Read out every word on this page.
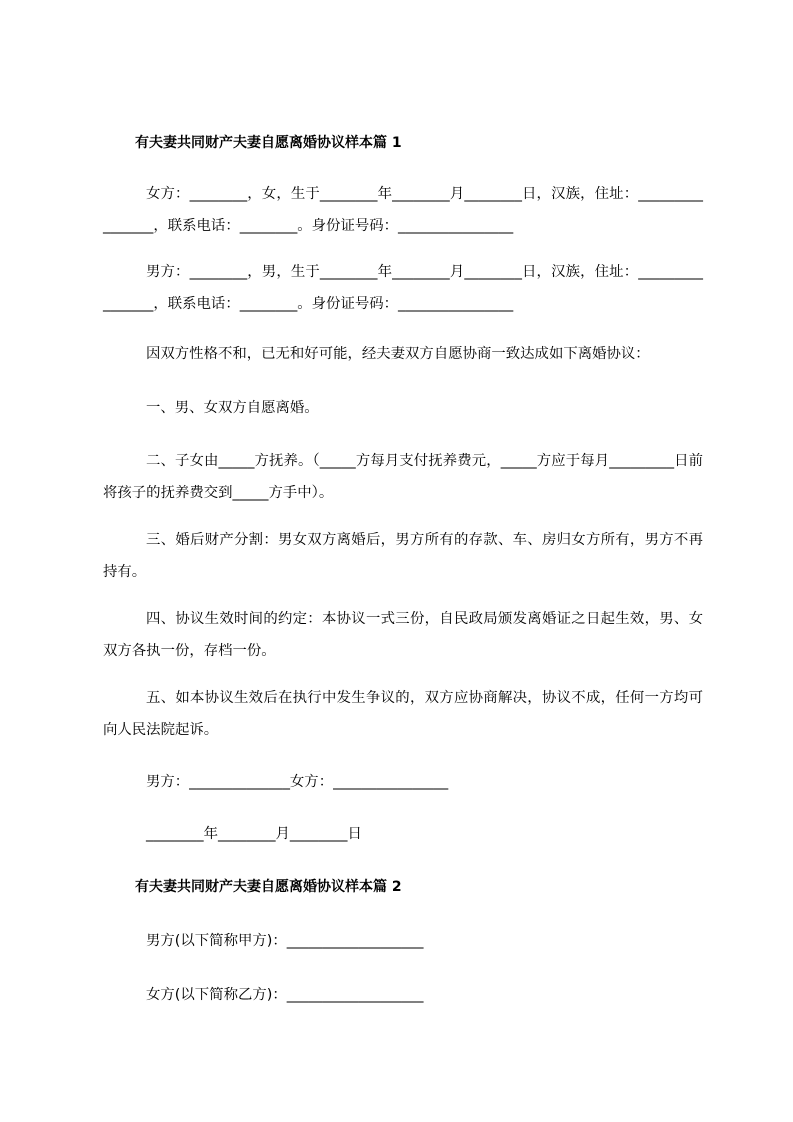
有夫妻共同财产夫妻自愿离婚协议样本篇 1

女方：________，女，生于________年________月________日，汉族，住址：________________，联系电话：________。身份证号码：________________

男方：________，男，生于________年________月________日，汉族，住址：________________，联系电话：________。身份证号码：________________

因双方性格不和，已无和好可能，经夫妻双方自愿协商一致达成如下离婚协议：

一、男、女双方自愿离婚。

二、子女由_____方抚养。（_____方每月支付抚养费元，_____方应于每月_________日前将孩子的抚养费交到_____方手中）。

三、婚后财产分割：男女双方离婚后，男方所有的存款、车、房归女方所有，男方不再持有。

四、协议生效时间的约定：本协议一式三份，自民政局颁发离婚证之日起生效，男、女双方各执一份，存档一份。

五、如本协议生效后在执行中发生争议的，双方应协商解决，协议不成，任何一方均可向人民法院起诉。

男方：______________女方：________________

________年________月________日

有夫妻共同财产夫妻自愿离婚协议样本篇 2

男方(以下简称甲方)：___________________

女方(以下简称乙方)：___________________
